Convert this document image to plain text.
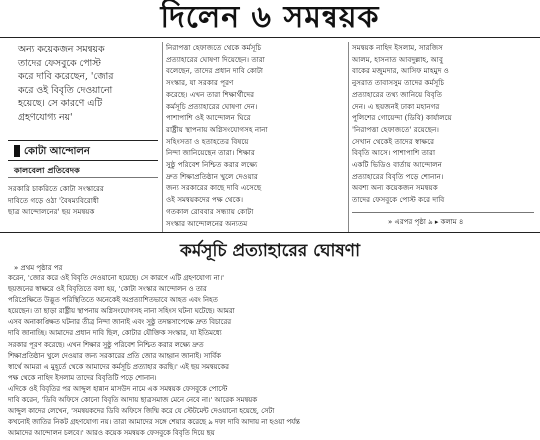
দিলেন ৬ সমন্বয়ক
অন্য কয়েকজন সমন্বয়ক
তাদের ফেসবুকে পোস্ট
করে দাবি করেছেন, 'জোর
করে ওই বিবৃতি দেওয়ানো
হয়েছে। সে কারণে এটি
গ্রহণযোগ্য নয়'
কোটা আন্দোলন
কালবেলা প্রতিবেদক
সরকারি চাকরিতে কোটা সংস্কারের
দাবিতে গড়ে ওঠা 'বৈষম্যবিরোধী
ছাত্র আন্দোলনের' ছয় সমন্বয়ক
নিরাপত্তা হেফাজতে থেকে কর্মসূচি
প্রত্যাহারের ঘোষণা দিয়েছেন। তারা
বলেছেন, তাদের প্রধান দাবি কোটা
সংস্কার, যা সরকার পূরণ
করেছে। এখন তারা শিক্ষার্থীদের
কর্মসূচি প্রত্যাহারের ঘোষণা দেন।
পাশাপাশি ওই আন্দোলন ঘিরে
রাষ্ট্রীয় স্থাপনায় অগ্নিসংযোগসহ নানা
সহিংসতা ও হতাহতের বিষয়ে
নিন্দা জানিয়েছেন তারা। শিক্ষার
সুষ্ঠু পরিবেশ নিশ্চিত করার লক্ষ্যে
দ্রুত শিক্ষাপ্রতিষ্ঠান খুলে দেওয়ার
জন্য সরকারের কাছে দাবি এসেছে
ওই সমন্বয়কদের পক্ষ থেকে।
গতকাল রোববার সন্ধ্যায় কোটা
সংস্কার আন্দোলনের অন্যতম
সমন্বয়ক নাহিদ ইসলাম, সারজিস
আলম, হাসনাত আবদুল্লাহ, আবু
বাকের মজুমদার, আসিফ মাহমুদ ও
নুসরাত তাবাসসুম তাদের কর্মসূচি
প্রত্যাহারের তথ্য জানিয়ে বিবৃতি
দেন। এ ছয়জনই ঢাকা মহানগর
পুলিশের গোয়েন্দা (ডিবি) কার্যালয়ে
'নিরাপত্তা হেফাজতে' রয়েছেন।
সেখান থেকেই তাদের স্বাক্ষরে
বিবৃতি আসে। পাশাপাশি তারা
একটি ভিডিও বার্তায় আন্দোলন
প্রত্যাহারের বিবৃতি পড়ে শোনান।
অবশ্য অন্য কয়েকজন সমন্বয়ক
তাদের ফেসবুকে পোস্ট করে দাবি
» এরপর পৃষ্ঠা ৯ ▸ কলাম ৪
কর্মসূচি প্রত্যাহারের ঘোষণা
» প্রথম পৃষ্ঠার পর
করেন, 'জোর করে ওই বিবৃতি দেওয়ানো হয়েছে। সে কারণে এটি গ্রহণযোগ্য না।'
ছয়জনের স্বাক্ষরে ওই বিবৃতিতে বলা হয়, 'কোটা সংস্কার আন্দোলন ও তার
পরিপ্রেক্ষিতে উদ্ভূত পরিস্থিতিতে অনেকেই অপ্রত্যাশিতভাবে আহত এবং নিহত
হয়েছেন। তা ছাড়া রাষ্ট্রীয় স্থাপনায় অগ্নিসংযোগসহ নানা সহিংস ঘটনা ঘটেছে। আমরা
এসব অনাকাঙ্ক্ষিত ঘটনার তীব্র নিন্দা জানাই এবং সুষ্ঠু তদন্তসাপেক্ষে দ্রুত বিচারের
দাবি জানাচ্ছি। আমাদের প্রধান দাবি ছিল, কোটার যৌক্তিক সংস্কার, যা ইতিমধ্যে
সরকার পূরণ করেছে। এখন শিক্ষার সুষ্ঠু পরিবেশ নিশ্চিত করার লক্ষ্যে দ্রুত
শিক্ষাপ্রতিষ্ঠান খুলে দেওয়ার জন্য সরকারের প্রতি জোর আহ্বান জানাই। সার্বিক
স্বার্থে আমরা এ মুহূর্তে থেকে আমাদের কর্মসূচি প্রত্যাহার করছি।' এই ছয় সমন্বয়কের
পক্ষ থেকে নাহিদ ইসলাম তাদের বিবৃতিটি পড়ে শোনান।
এদিকে ওই বিবৃতির পর আব্দুল হান্নান মাসউদ নামে এক সমন্বয়ক ফেসবুকে পোস্টে
দাবি করেন, 'ডিবি অফিসে কোনো বিবৃতি আদায় ছাত্রসমাজ মেনে নেবে না।' আরেক সমন্বয়ক
আব্দুল কাদের লেখেন, 'সমন্বয়কদের ডিবি অফিসে জিম্মি করে যে স্টেটমেন্ট দেওয়ানো হয়েছে, সেটা
কখনোই জাতির নিকট গ্রহণযোগ্য নয়। তারা আমাদের সঙ্গে শেয়ার করেছে ৯ দফা দাবি আদায় না হওয়া পর্যন্ত
আমাদের আন্দোলন চলবে।' আরও কয়েক সমন্বয়ক ফেসবুকে বিবৃতি দিয়ে ছয়
